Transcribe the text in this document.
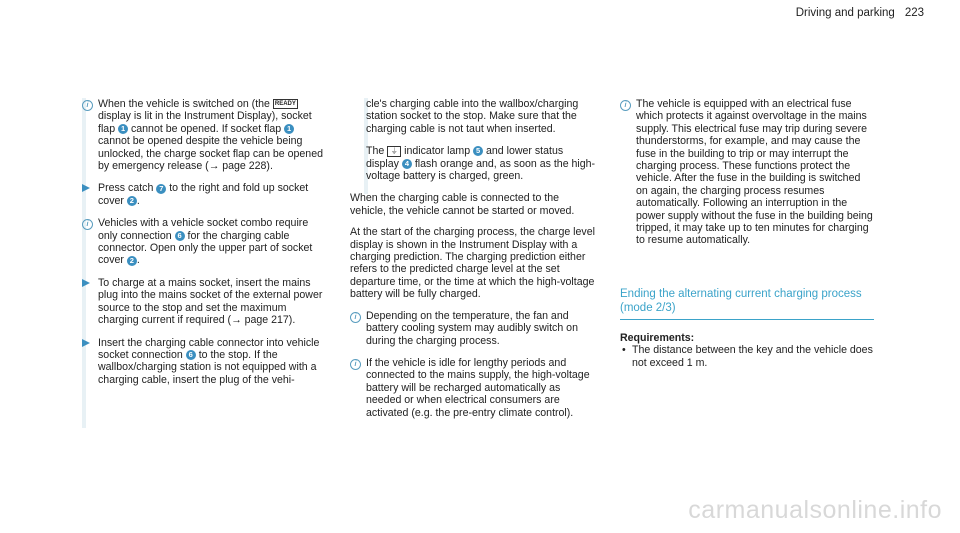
Driving and parking 223
i When the vehicle is switched on (the READY display is lit in the Instrument Display), socket flap 1 cannot be opened. If socket flap 1 cannot be opened despite the vehicle being unlocked, the charge socket flap can be opened by emergency release (→ page 228).
Press catch 7 to the right and fold up socket cover 2 .
i Vehicles with a vehicle socket combo require only connection 6 for the charging cable connector. Open only the upper part of socket cover 2 .
To charge at a mains socket, insert the mains plug into the mains socket of the external power source to the stop and set the maximum charging current if required (→ page 217).
Insert the charging cable connector into vehicle socket connection 6 to the stop. If the wallbox/charging station is not equipped with a charging cable, insert the plug of the vehi-
cle's charging cable into the wallbox/charging station socket to the stop. Make sure that the charging cable is not taut when inserted.
The ⏚ indicator lamp 5 and lower status display 4 flash orange and, as soon as the high-voltage battery is charged, green.

When the charging cable is connected to the vehicle, the vehicle cannot be started or moved.

At the start of the charging process, the charge level display is shown in the Instrument Display with a charging prediction. The charging prediction either refers to the predicted charge level at the set departure time, or the time at which the high-voltage battery will be fully charged.

i Depending on the temperature, the fan and battery cooling system may audibly switch on during the charging process.
i If the vehicle is idle for lengthy periods and connected to the mains supply, the high-voltage battery will be recharged automatically as needed or when electrical consumers are activated (e.g. the pre-entry climate control).
i The vehicle is equipped with an electrical fuse which protects it against overvoltage in the mains supply. This electrical fuse may trip during severe thunderstorms, for example, and may cause the fuse in the building to trip or may interrupt the charging process. These functions protect the vehicle. After the fuse in the building is switched on again, the charging process resumes automatically. Following an interruption in the power supply without the fuse in the building being tripped, it may take up to ten minutes for charging to resume automatically.
Ending the alternating current charging process (mode 2/3)
Requirements:
• The distance between the key and the vehicle does not exceed 1 m.
carmanualsonline.info
